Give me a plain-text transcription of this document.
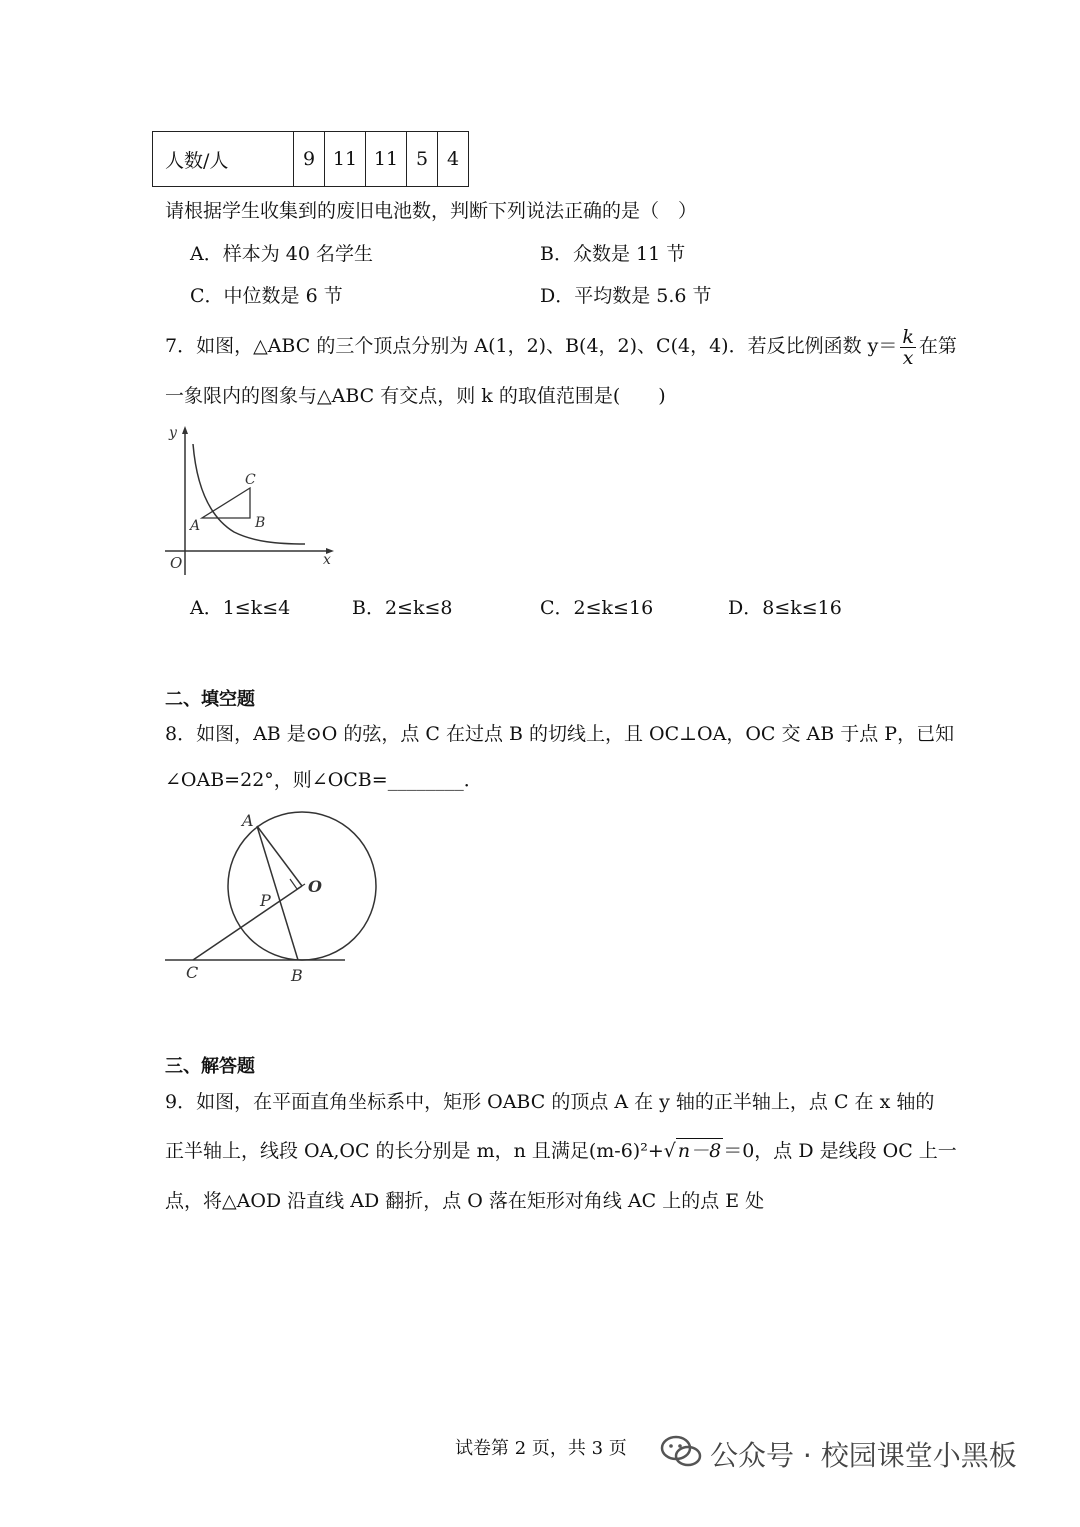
人数/人	9	11	11	5	4
请根据学生收集到的废旧电池数，判断下列说法正确的是（　）
A．样本为 40 名学生	B．众数是 11 节
C．中位数是 6 节	D．平均数是 5.6 节
7．如图，△ABC 的三个顶点分别为 A(1，2)、B(4，2)、C(4，4)．若反比例函数 $y= \frac{k}{x}$ 在第
一象限内的图象与△ABC 有交点，则 k 的取值范围是(　　)
y
x
O
A	B
C
A．1≤k≤4	B．2≤k≤8	C．2≤k≤16	D．8≤k≤16
二、填空题
8．如图，AB 是⊙O 的弦，点 C 在过点 B 的切线上，且 OC⊥OA，OC 交 AB 于点 P，已知
∠OAB=22°，则∠OCB=________．
A
O
P
C	B
三、解答题
9．如图，在平面直角坐标系中，矩形 OABC 的顶点 A 在 y 轴的正半轴上，点 C 在 x 轴的
正半轴上，线段 OA,OC 的长分别是 m，n 且满足(m-6)²+√ n－8 ＝0，点 D 是线段 OC 上一
点，将△AOD 沿直线 AD 翻折，点 O 落在矩形对角线 AC 上的点 E 处
试卷第 2 页，共 3 页	公众号 · 校园课堂小黑板
